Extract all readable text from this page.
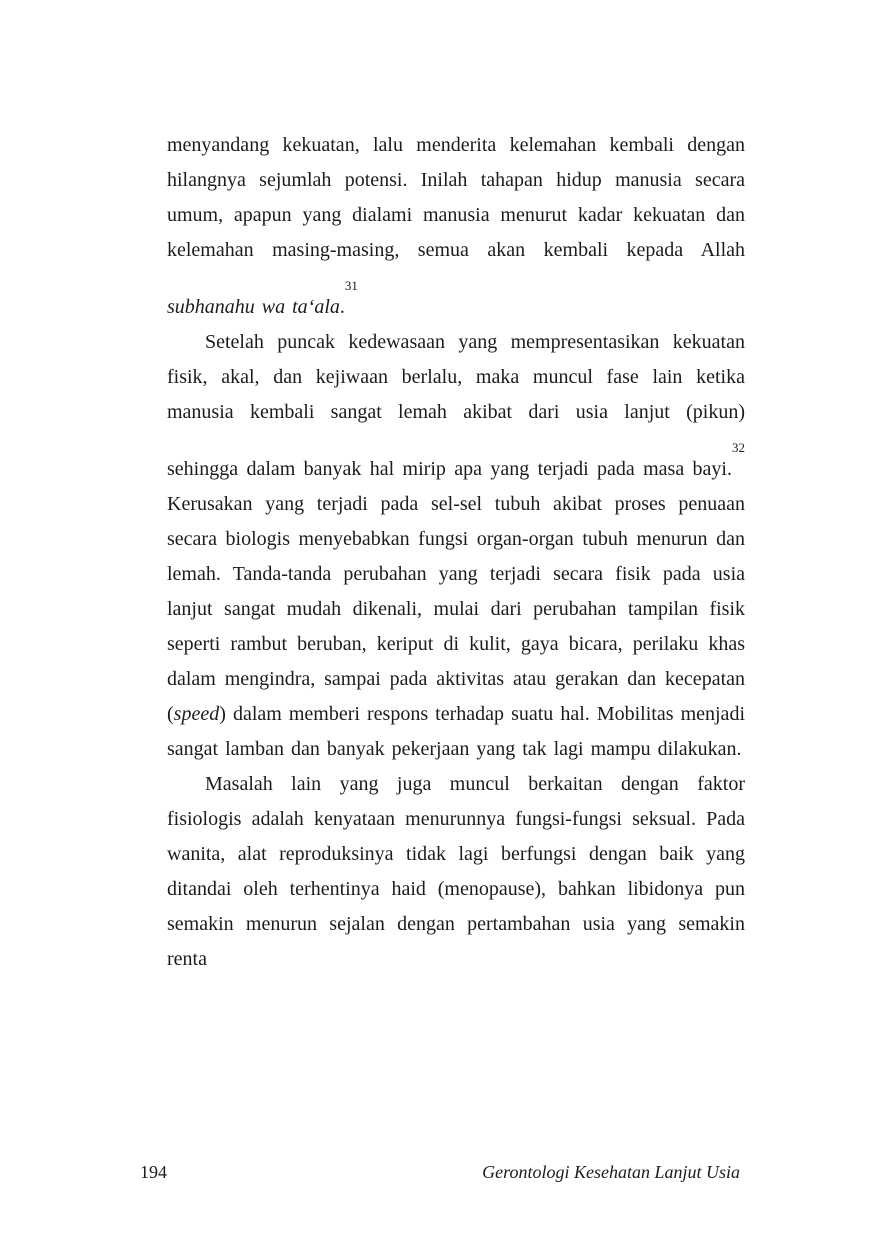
menyandang kekuatan, lalu menderita kelemahan kembali dengan hilangnya sejumlah potensi. Inilah tahapan hidup manusia secara umum, apapun yang dialami manusia menurut kadar kekuatan dan kelemahan masing-masing, semua akan kembali kepada Allah subhanahu wa ta‘ala.$^{31}$

Setelah puncak kedewasaan yang mempresentasikan kekuatan fisik, akal, dan kejiwaan berlalu, maka muncul fase lain ketika manusia kembali sangat lemah akibat dari usia lanjut (pikun) sehingga dalam banyak hal mirip apa yang terjadi pada masa bayi.$^{32}$ Kerusakan yang terjadi pada sel-sel tubuh akibat proses penuaan secara biologis menyebabkan fungsi organ-organ tubuh menurun dan lemah. Tanda-tanda perubahan yang terjadi secara fisik pada usia lanjut sangat mudah dikenali, mulai dari perubahan tampilan fisik seperti rambut beruban, keriput di kulit, gaya bicara, perilaku khas dalam mengindra, sampai pada aktivitas atau gerakan dan kecepatan (speed) dalam memberi respons terhadap suatu hal. Mobilitas menjadi sangat lamban dan banyak pekerjaan yang tak lagi mampu dilakukan.

Masalah lain yang juga muncul berkaitan dengan faktor fisiologis adalah kenyataan menurunnya fungsi-fungsi seksual. Pada wanita, alat reproduksinya tidak lagi berfungsi dengan baik yang ditandai oleh terhentinya haid (menopause), bahkan libidonya pun semakin menurun sejalan dengan pertambahan usia yang semakin renta

194	Gerontologi Kesehatan Lanjut Usia
